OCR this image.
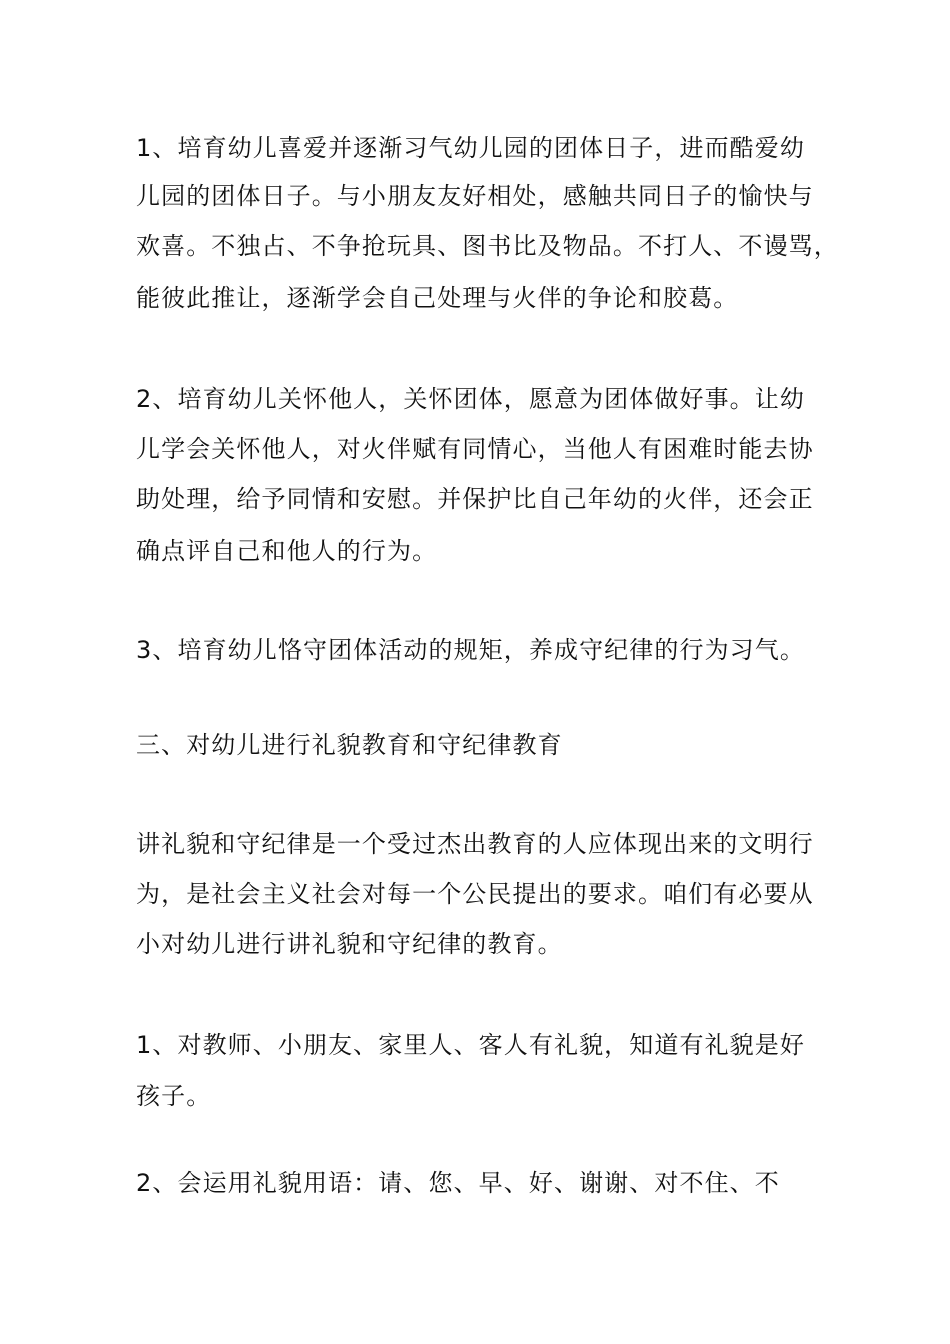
1、培育幼儿喜爱并逐渐习气幼儿园的团体日子，进而酷爱幼
儿园的团体日子。与小朋友友好相处，感触共同日子的愉快与
欢喜。不独占、不争抢玩具、图书比及物品。不打人、不谩骂，
能彼此推让，逐渐学会自己处理与火伴的争论和胶葛。
2、培育幼儿关怀他人，关怀团体，愿意为团体做好事。让幼
儿学会关怀他人，对火伴赋有同情心，当他人有困难时能去协
助处理，给予同情和安慰。并保护比自己年幼的火伴，还会正
确点评自己和他人的行为。
3、培育幼儿恪守团体活动的规矩，养成守纪律的行为习气。
三、对幼儿进行礼貌教育和守纪律教育
讲礼貌和守纪律是一个受过杰出教育的人应体现出来的文明行
为，是社会主义社会对每一个公民提出的要求。咱们有必要从
小对幼儿进行讲礼貌和守纪律的教育。
1、对教师、小朋友、家里人、客人有礼貌，知道有礼貌是好
孩子。
2、会运用礼貌用语：请、您、早、好、谢谢、对不住、不
